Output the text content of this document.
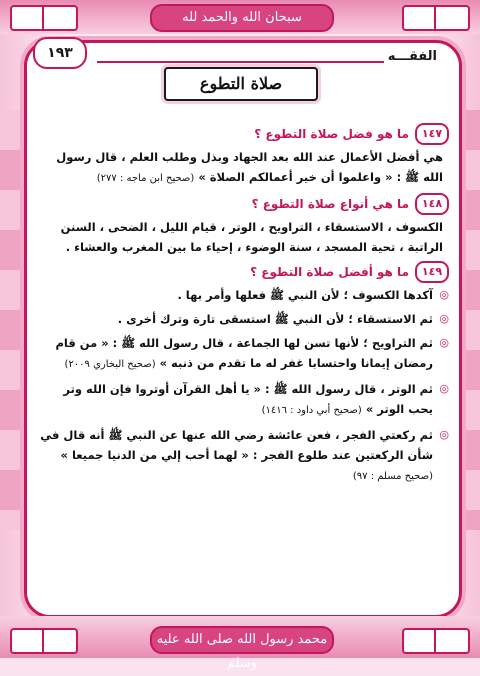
سبحان الله والحمد لله
الفقـــه
١٩٣
صلاة التطوع
١٤٧
ما هو فضل صلاة التطوع ؟
هي أفضل الأعمال عند الله بعد الجهاد وبذل وطلب العلم ، قال رسول الله ﷺ : « واعلموا أن خير أعمالكم الصلاة » (صحيح ابن ماجه : ٢٧٧)
١٤٨
ما هي أنواع صلاة التطوع ؟
الكسوف ، الاستسقاء ، التراويح ، الوتر ، قيام الليل ، الضحى ، السنن الراتبة ، تحية المسجد ، سنة الوضوء ، إحياء ما بين المغرب والعشاء .
١٤٩
ما هو أفضل صلاة التطوع ؟
◎ آكدها الكسوف ؛ لأن النبي ﷺ فعلها وأمر بها .
◎ ثم الاستسقاء ؛ لأن النبي ﷺ استسقى تارة وترك أخرى .
◎ ثم التراويح ؛ لأنها تسن لها الجماعة ، قال رسول الله ﷺ : « من قام رمضان إيمانا واحتسابا غفر له ما تقدم من ذنبه » (صحيح البخاري ٢٠٠٩)
◎ ثم الوتر ، قال رسول الله ﷺ : « يا أهل القرآن أوتروا فإن الله وتر يحب الوتر » (صحيح أبي داود : ١٤١٦)
◎ ثم ركعتي الفجر ، فعن عائشة رضي الله عنها عن النبي ﷺ أنه قال في شأن الركعتين عند طلوع الفجر : « لهما أحب إلي من الدنيا جميعا » (صحيح مسلم : ٩٧)
محمد رسول الله صلى الله عليه وسلم
